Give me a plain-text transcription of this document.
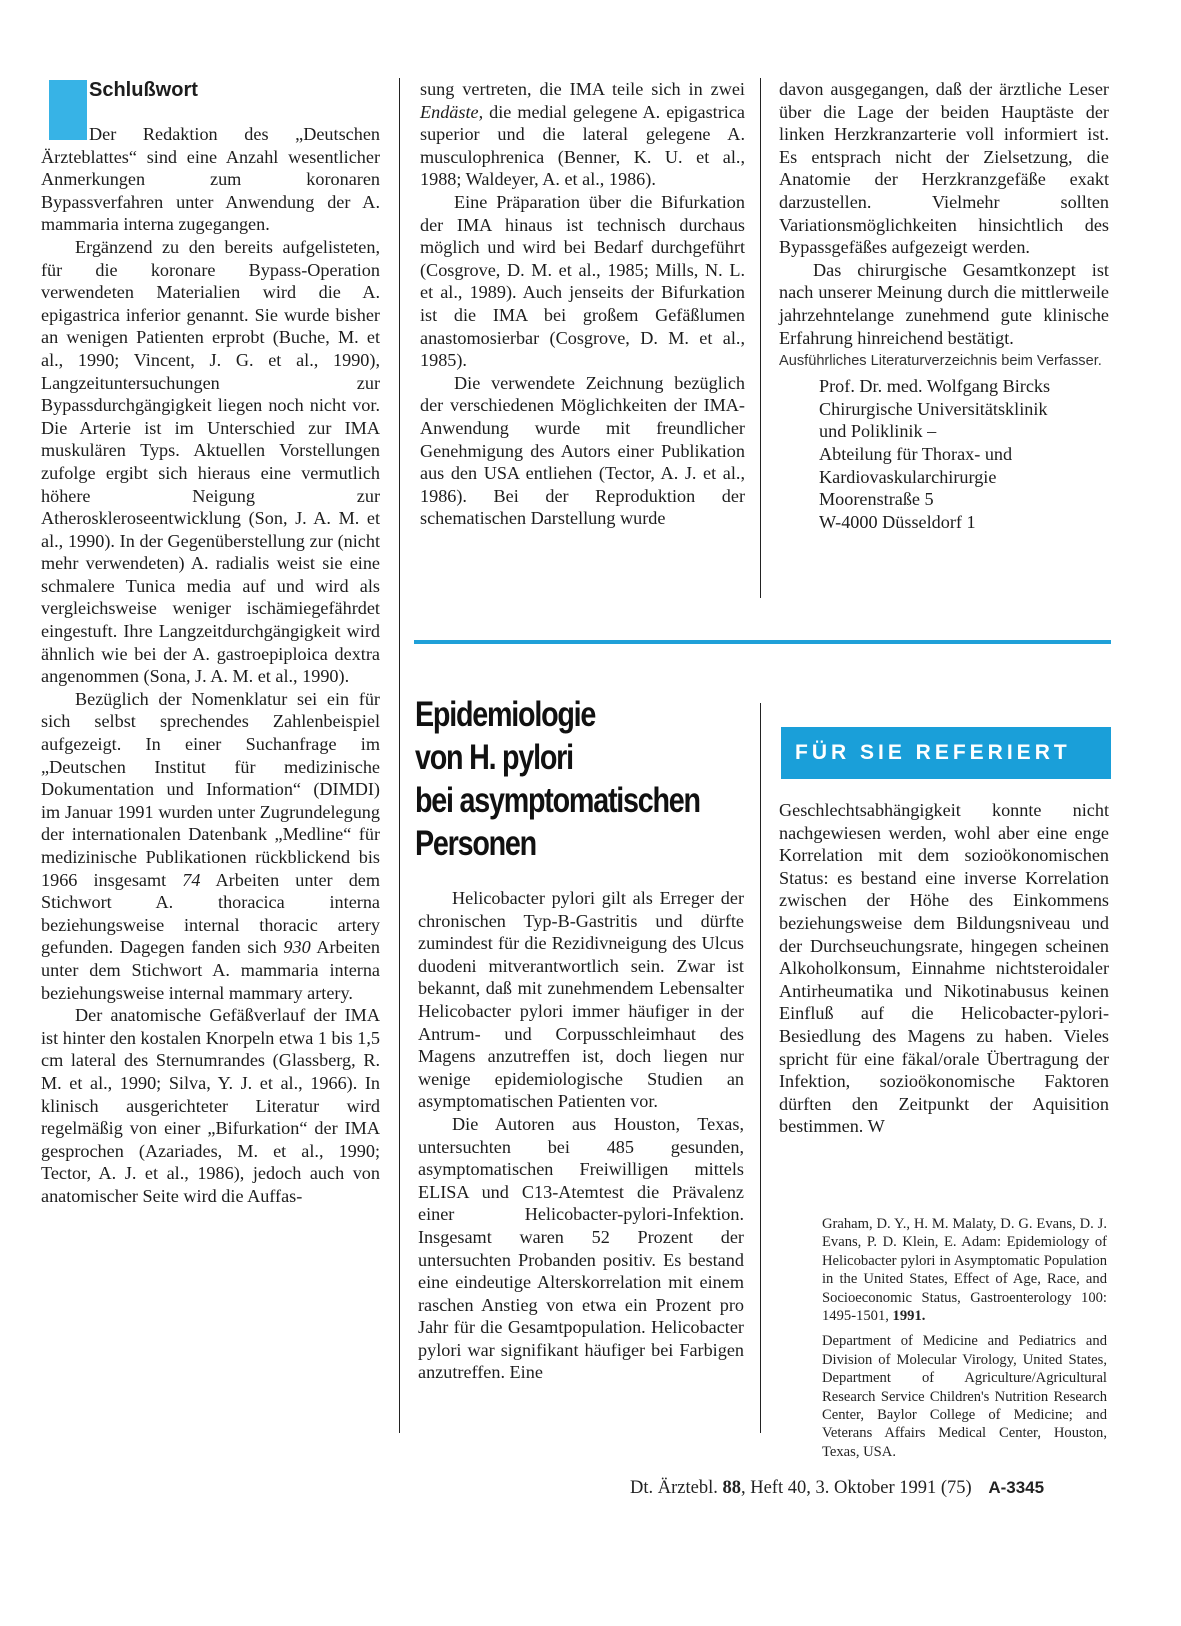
Schlußwort

Der Redaktion des „Deutschen Ärzteblattes“ sind eine Anzahl wesentlicher Anmerkungen zum koronaren Bypassverfahren unter Anwendung der A. mammaria interna zugegangen.

Ergänzend zu den bereits aufgelisteten, für die koronare Bypass-Operation verwendeten Materialien wird die A. epigastrica inferior genannt. Sie wurde bisher an wenigen Patienten erprobt (Buche, M. et al., 1990; Vincent, J. G. et al., 1990), Langzeituntersuchungen zur Bypassdurchgängigkeit liegen noch nicht vor. Die Arterie ist im Unterschied zur IMA muskulären Typs. Aktuellen Vorstellungen zufolge ergibt sich hieraus eine vermutlich höhere Neigung zur Atheroskleroseentwicklung (Son, J. A. M. et al., 1990). In der Gegenüberstellung zur (nicht mehr verwendeten) A. radialis weist sie eine schmalere Tunica media auf und wird als vergleichsweise weniger ischämiegefährdet eingestuft. Ihre Langzeitdurchgängigkeit wird ähnlich wie bei der A. gastroepiploica dextra angenommen (Sona, J. A. M. et al., 1990).

Bezüglich der Nomenklatur sei ein für sich selbst sprechendes Zahlenbeispiel aufgezeigt. In einer Suchanfrage im „Deutschen Institut für medizinische Dokumentation und Information“ (DIMDI) im Januar 1991 wurden unter Zugrundelegung der internationalen Datenbank „Medline“ für medizinische Publikationen rückblickend bis 1966 insgesamt 74 Arbeiten unter dem Stichwort A. thoracica interna beziehungsweise internal thoracic artery gefunden. Dagegen fanden sich 930 Arbeiten unter dem Stichwort A. mammaria interna beziehungsweise internal mammary artery.

Der anatomische Gefäßverlauf der IMA ist hinter den kostalen Knorpeln etwa 1 bis 1,5 cm lateral des Sternumrandes (Glassberg, R. M. et al., 1990; Silva, Y. J. et al., 1966). In klinisch ausgerichteter Literatur wird regelmäßig von einer „Bifurkation“ der IMA gesprochen (Azariades, M. et al., 1990; Tector, A. J. et al., 1986), jedoch auch von anatomischer Seite wird die Auffas-

sung vertreten, die IMA teile sich in zwei Endäste, die medial gelegene A. epigastrica superior und die lateral gelegene A. musculophrenica (Benner, K. U. et al., 1988; Waldeyer, A. et al., 1986).

Eine Präparation über die Bifurkation der IMA hinaus ist technisch durchaus möglich und wird bei Bedarf durchgeführt (Cosgrove, D. M. et al., 1985; Mills, N. L. et al., 1989). Auch jenseits der Bifurkation ist die IMA bei großem Gefäßlumen anastomosierbar (Cosgrove, D. M. et al., 1985).

Die verwendete Zeichnung bezüglich der verschiedenen Möglichkeiten der IMA-Anwendung wurde mit freundlicher Genehmigung des Autors einer Publikation aus den USA entliehen (Tector, A. J. et al., 1986). Bei der Reproduktion der schematischen Darstellung wurde

davon ausgegangen, daß der ärztliche Leser über die Lage der beiden Hauptäste der linken Herzkranzarterie voll informiert ist. Es entsprach nicht der Zielsetzung, die Anatomie der Herzkranzgefäße exakt darzustellen. Vielmehr sollten Variationsmöglichkeiten hinsichtlich des Bypassgefäßes aufgezeigt werden.

Das chirurgische Gesamtkonzept ist nach unserer Meinung durch die mittlerweile jahrzehntelange zunehmend gute klinische Erfahrung hinreichend bestätigt.

Ausführliches Literaturverzeichnis beim Verfasser.

Prof. Dr. med. Wolfgang Bircks
Chirurgische Universitätsklinik
und Poliklinik –
Abteilung für Thorax- und
Kardiovaskularchirurgie
Moorenstraße 5
W-4000 Düsseldorf 1
Epidemiologie
von H. pylori
bei asymptomatischen
Personen

Helicobacter pylori gilt als Erreger der chronischen Typ-B-Gastritis und dürfte zumindest für die Rezidivneigung des Ulcus duodeni mitverantwortlich sein. Zwar ist bekannt, daß mit zunehmendem Lebensalter Helicobacter pylori immer häufiger in der Antrum- und Corpusschleimhaut des Magens anzutreffen ist, doch liegen nur wenige epidemiologische Studien an asymptomatischen Patienten vor.

Die Autoren aus Houston, Texas, untersuchten bei 485 gesunden, asymptomatischen Freiwilligen mittels ELISA und C13-Atemtest die Prävalenz einer Helicobacter-pylori-Infektion. Insgesamt waren 52 Prozent der untersuchten Probanden positiv. Es bestand eine eindeutige Alterskorrelation mit einem raschen Anstieg von etwa ein Prozent pro Jahr für die Gesamtpopulation. Helicobacter pylori war signifikant häufiger bei Farbigen anzutreffen. Eine

FÜR SIE REFERIERT

Geschlechtsabhängigkeit konnte nicht nachgewiesen werden, wohl aber eine enge Korrelation mit dem sozioökonomischen Status: es bestand eine inverse Korrelation zwischen der Höhe des Einkommens beziehungsweise dem Bildungsniveau und der Durchseuchungsrate, hingegen scheinen Alkoholkonsum, Einnahme nichtsteroidaler Antirheumatika und Nikotinabusus keinen Einfluß auf die Helicobacter-pylori-Besiedlung des Magens zu haben. Vieles spricht für eine fäkal/orale Übertragung der Infektion, sozioökonomische Faktoren dürften den Zeitpunkt der Aquisition bestimmen. W

Graham, D. Y., H. M. Malaty, D. G. Evans, D. J. Evans, P. D. Klein, E. Adam: Epidemiology of Helicobacter pylori in Asymptomatic Population in the United States, Effect of Age, Race, and Socioeconomic Status, Gastroenterology 100: 1495-1501, 1991.

Department of Medicine and Pediatrics and Division of Molecular Virology, United States, Department of Agriculture/Agricultural Research Service Children's Nutrition Research Center, Baylor College of Medicine; and Veterans Affairs Medical Center, Houston, Texas, USA.

Dt. Ärztebl. 88, Heft 40, 3. Oktober 1991 (75) A-3345
